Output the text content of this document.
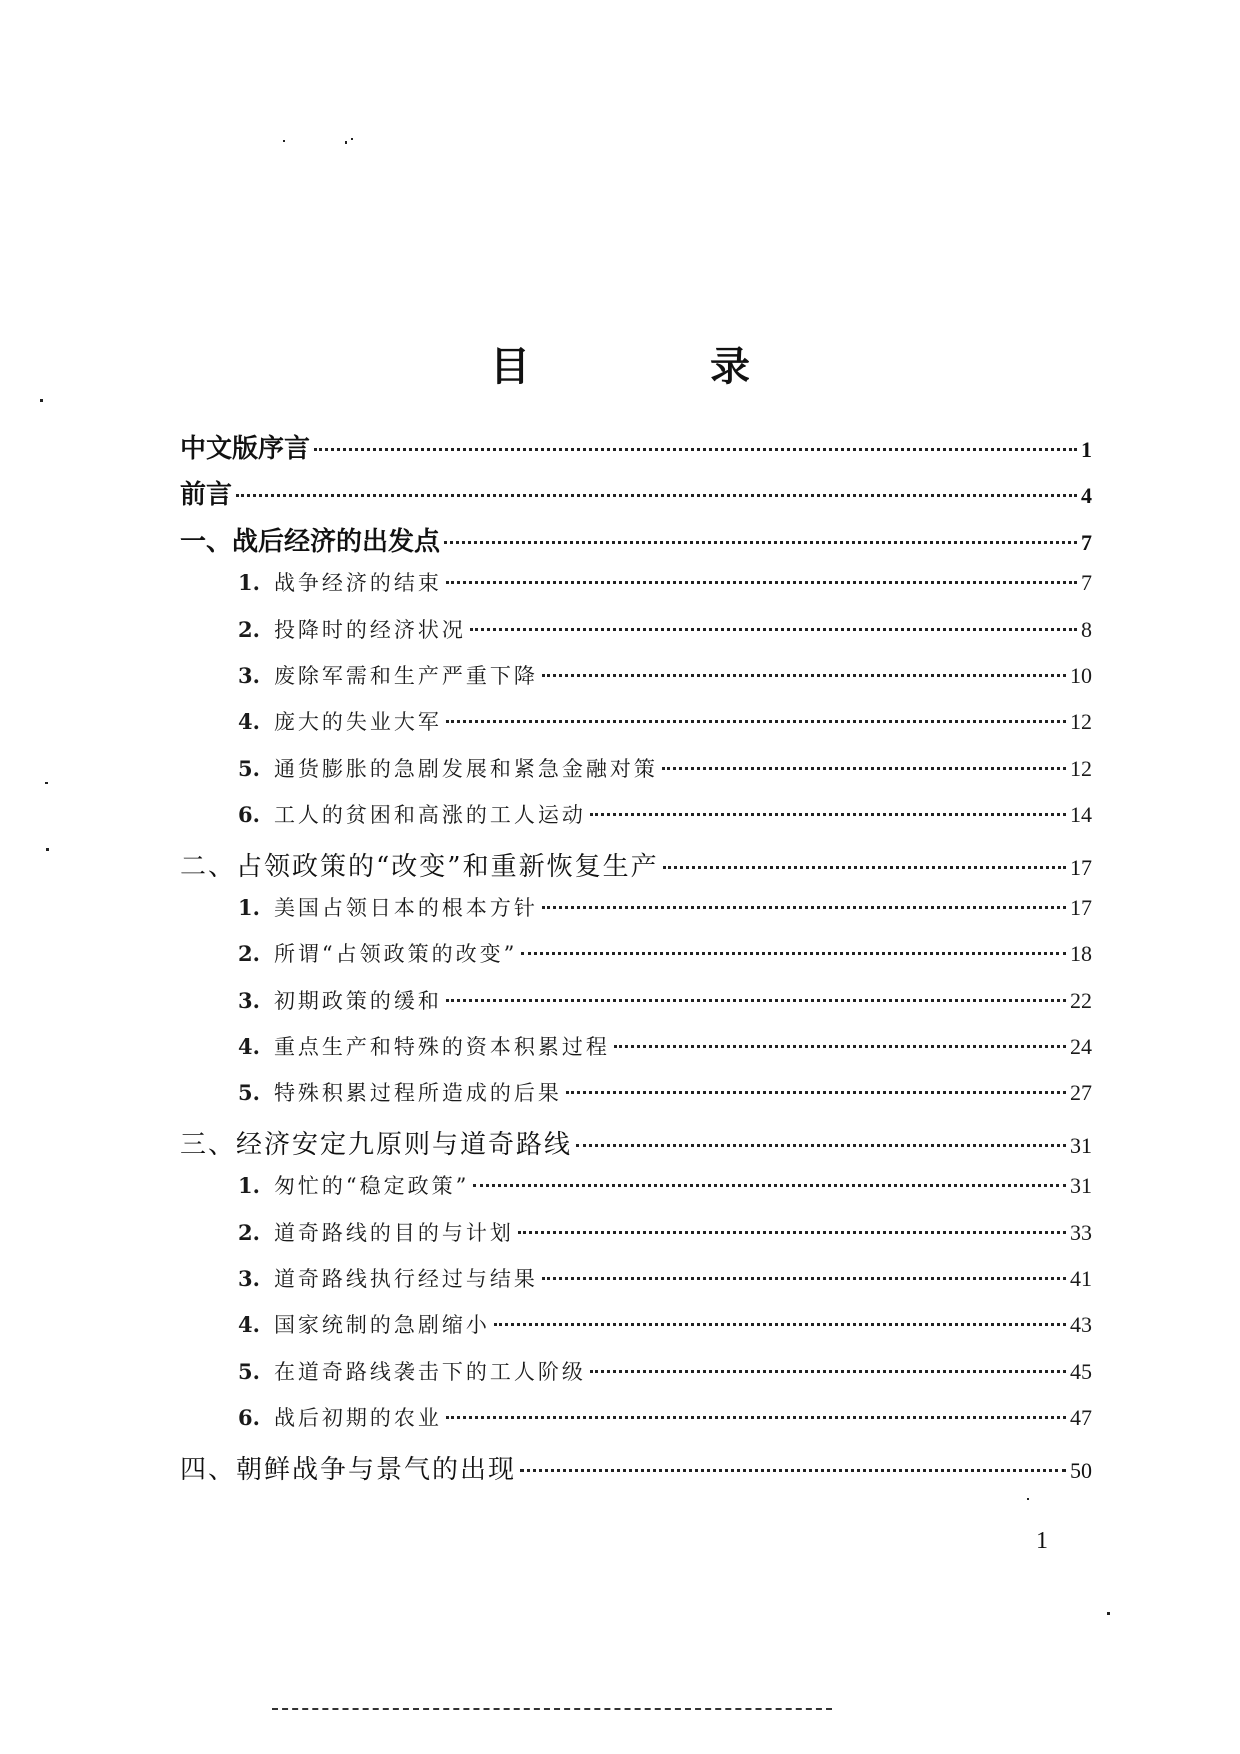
目　录
中文版序言	1
前言	4
一、 战后经济的出发点	7
1. 战争经济的结束	7
2. 投降时的经济状况	8
3. 废除军需和生产严重下降	10
4. 庞大的失业大军	12
5. 通货膨胀的急剧发展和紧急金融对策	12
6. 工人的贫困和高涨的工人运动	14
二、 占领政策的“改变”和重新恢复生产	17
1. 美国占领日本的根本方针	17
2. 所谓“占领政策的改变”	18
3. 初期政策的缓和	22
4. 重点生产和特殊的资本积累过程	24
5. 特殊积累过程所造成的后果	27
三、 经济安定九原则与道奇路线	31
1. 匆忙的“稳定政策”	31
2. 道奇路线的目的与计划	33
3. 道奇路线执行经过与结果	41
4. 国家统制的急剧缩小	43
5. 在道奇路线袭击下的工人阶级	45
6. 战后初期的农业	47
四、 朝鲜战争与景气的出现	50
1
